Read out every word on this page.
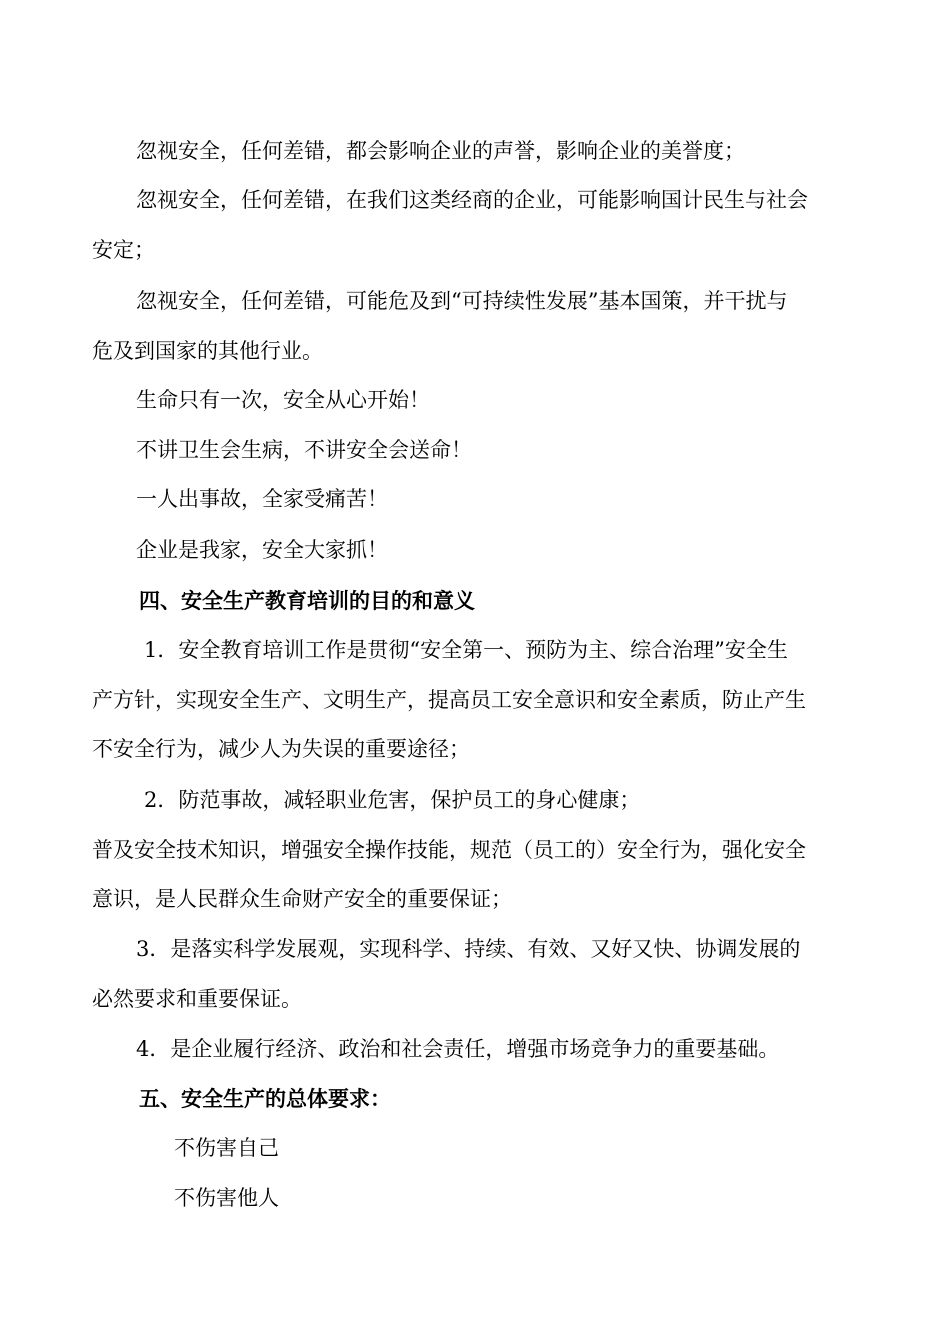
忽视安全，任何差错，都会影响企业的声誉，影响企业的美誉度；
忽视安全，任何差错，在我们这类经商的企业，可能影响国计民生与社会
安定；
忽视安全，任何差错，可能危及到“可持续性发展”基本国策，并干扰与
危及到国家的其他行业。
生命只有一次，安全从心开始！
不讲卫生会生病，不讲安全会送命！
一人出事故，全家受痛苦！
企业是我家，安全大家抓！
四、安全生产教育培训的目的和意义
1．安全教育培训工作是贯彻“安全第一、预防为主、综合治理”安全生
产方针，实现安全生产、文明生产，提高员工安全意识和安全素质，防止产生
不安全行为，减少人为失误的重要途径；
2．防范事故，减轻职业危害，保护员工的身心健康；
普及安全技术知识，增强安全操作技能，规范（员工的）安全行为，强化安全
意识，是人民群众生命财产安全的重要保证；
3．是落实科学发展观，实现科学、持续、有效、又好又快、协调发展的
必然要求和重要保证。
4．是企业履行经济、政治和社会责任，增强市场竞争力的重要基础。
五、安全生产的总体要求：
不伤害自己
不伤害他人
